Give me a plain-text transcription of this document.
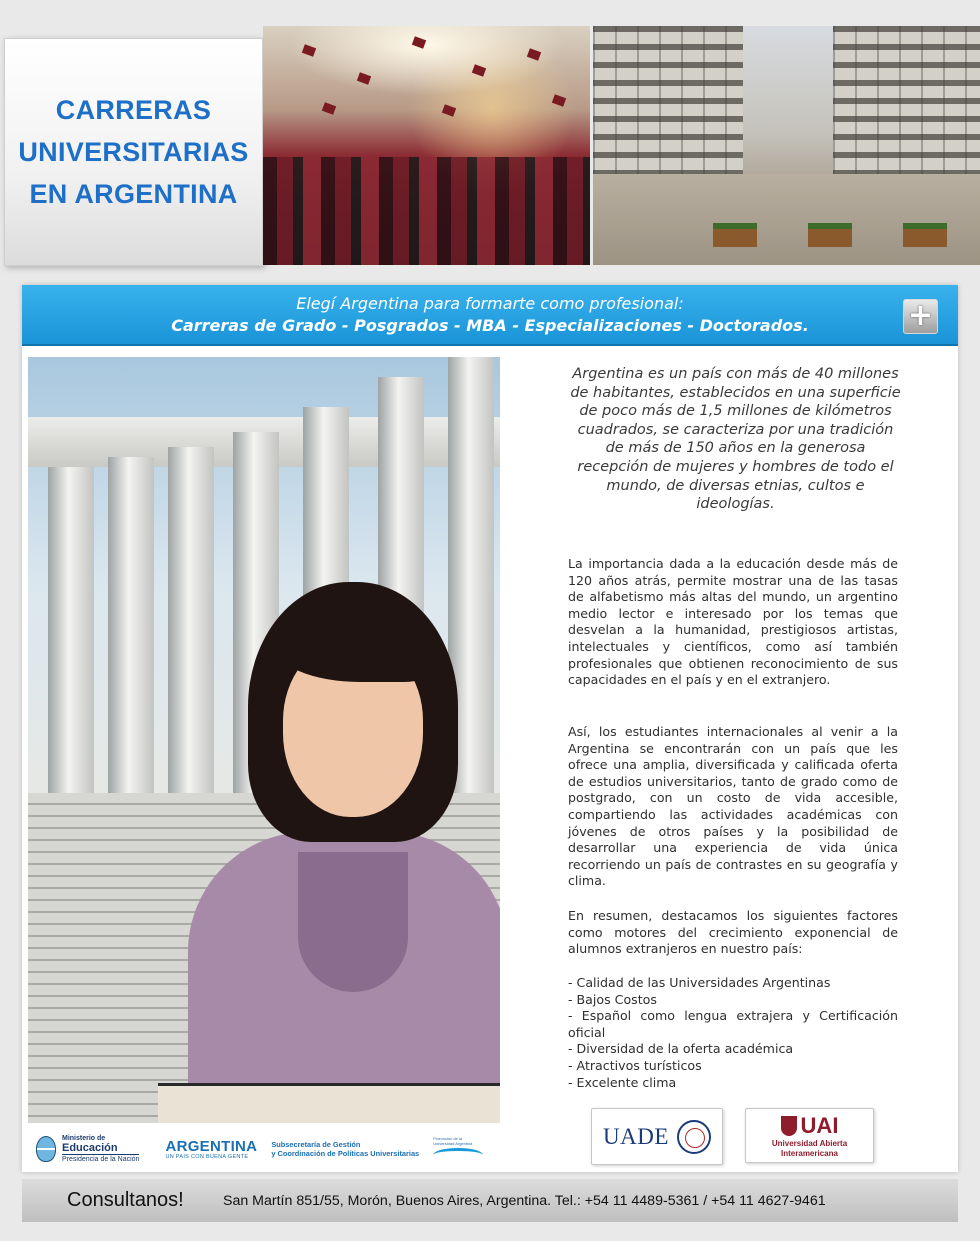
CARRERAS
UNIVERSITARIAS
EN ARGENTINA
Elegí Argentina para formarte como profesional:
Carreras de Grado - Posgrados - MBA - Especializaciones - Doctorados.	+
Argentina es un país con más de 40 millones de habitantes, establecidos en una superficie de poco más de 1,5 millones de kilómetros cuadrados, se caracteriza por una tradición de más de 150 años en la generosa recepción de mujeres y hombres de todo el mundo, de diversas etnias, cultos e ideologías.
La importancia dada a la educación desde más de 120 años atrás, permite mostrar una de las tasas de alfabetismo más altas del mundo, un argentino medio lector e interesado por los temas que desvelan a la humanidad, prestigiosos artistas, intelectuales y científicos, como así también profesionales que obtienen reconocimiento de sus capacidades en el país y en el extranjero.
Así, los estudiantes internacionales al venir a la Argentina se encontrarán con un país que les ofrece una amplia, diversificada y calificada oferta de estudios universitarios, tanto de grado como de postgrado, con un costo de vida accesible, compartiendo las actividades académicas con jóvenes de otros países y la posibilidad de desarrollar una experiencia de vida única recorriendo un país de contrastes en su geografía y clima.
En resumen, destacamos los siguientes factores como motores del crecimiento exponencial de alumnos extranjeros en nuestro país:
- Calidad de las Universidades Argentinas
- Bajos Costos
- Español como lengua extrajera y Certificación oficial
- Diversidad de la oferta académica
- Atractivos turísticos
- Excelente clima
UADE	UAI
Universidad Abierta
Interamericana
Ministerio de
Educación
Presidencia de la Nación
ARGENTINA
UN PAIS CON BUENA GENTE
Subsecretaría de Gestión
y Coordinación de Políticas Universitarias
Promoción de la
Universidad Argentina
Consultanos!	San Martín 851/55, Morón, Buenos Aires, Argentina. Tel.: +54 11 4489-5361 / +54 11 4627-9461
